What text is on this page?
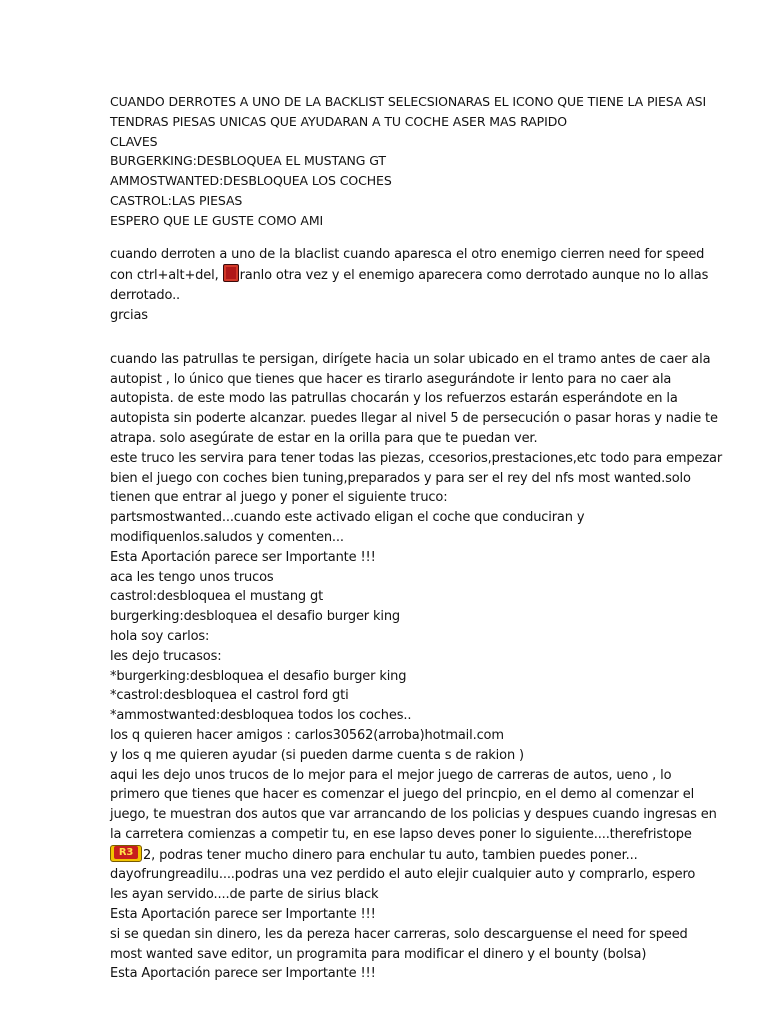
CUANDO DERROTES A UNO DE LA BACKLIST SELECSIONARAS EL ICONO QUE TIENE LA PIESA ASI
TENDRAS PIESAS UNICAS QUE AYUDARAN A TU COCHE ASER MAS RAPIDO
CLAVES
BURGERKING:DESBLOQUEA EL MUSTANG GT
AMMOSTWANTED:DESBLOQUEA LOS COCHES
CASTROL:LAS PIESAS
ESPERO QUE LE GUSTE COMO AMI
cuando derroten a uno de la blaclist cuando aparesca el otro enemigo cierren need for speed
con ctrl+alt+del, ranlo otra vez y el enemigo aparecera como derrotado aunque no lo allas
derrotado..
grcias
cuando las patrullas te persigan, dirígete hacia un solar ubicado en el tramo antes de caer ala
autopist , lo único que tienes que hacer es tirarlo asegurándote ir lento para no caer ala
autopista. de este modo las patrullas chocarán y los refuerzos estarán esperándote en la
autopista sin poderte alcanzar. puedes llegar al nivel 5 de persecución o pasar horas y nadie te
atrapa. solo asegúrate de estar en la orilla para que te puedan ver.
este truco les servira para tener todas las piezas, ccesorios,prestaciones,etc todo para empezar
bien el juego con coches bien tuning,preparados y para ser el rey del nfs most wanted.solo
tienen que entrar al juego y poner el siguiente truco:
partsmostwanted...cuando este activado eligan el coche que conduciran y
modifiquenlos.saludos y comenten...
Esta Aportación parece ser Importante !!!
aca les tengo unos trucos
castrol:desbloquea el mustang gt
burgerking:desbloquea el desafio burger king
hola soy carlos:
les dejo trucasos:
*burgerking:desbloquea el desafio burger king
*castrol:desbloquea el castrol ford gti
*ammostwanted:desbloquea todos los coches..
los q quieren hacer amigos : carlos30562(arroba)hotmail.com
y los q me quieren ayudar (si pueden darme cuenta s de rakion )
aqui les dejo unos trucos de lo mejor para el mejor juego de carreras de autos, ueno , lo
primero que tienes que hacer es comenzar el juego del princpio, en el demo al comenzar el
juego, te muestran dos autos que var arrancando de los policias y despues cuando ingresas en
la carretera comienzas a competir tu, en ese lapso deves poner lo siguiente....therefristope
R3 2, podras tener mucho dinero para enchular tu auto, tambien puedes poner...
dayofrungreadilu....podras una vez perdido el auto elejir cualquier auto y comprarlo, espero
les ayan servido....de parte de sirius black
Esta Aportación parece ser Importante !!!
si se quedan sin dinero, les da pereza hacer carreras, solo descarguense el need for speed
most wanted save editor, un programita para modificar el dinero y el bounty (bolsa)
Esta Aportación parece ser Importante !!!
